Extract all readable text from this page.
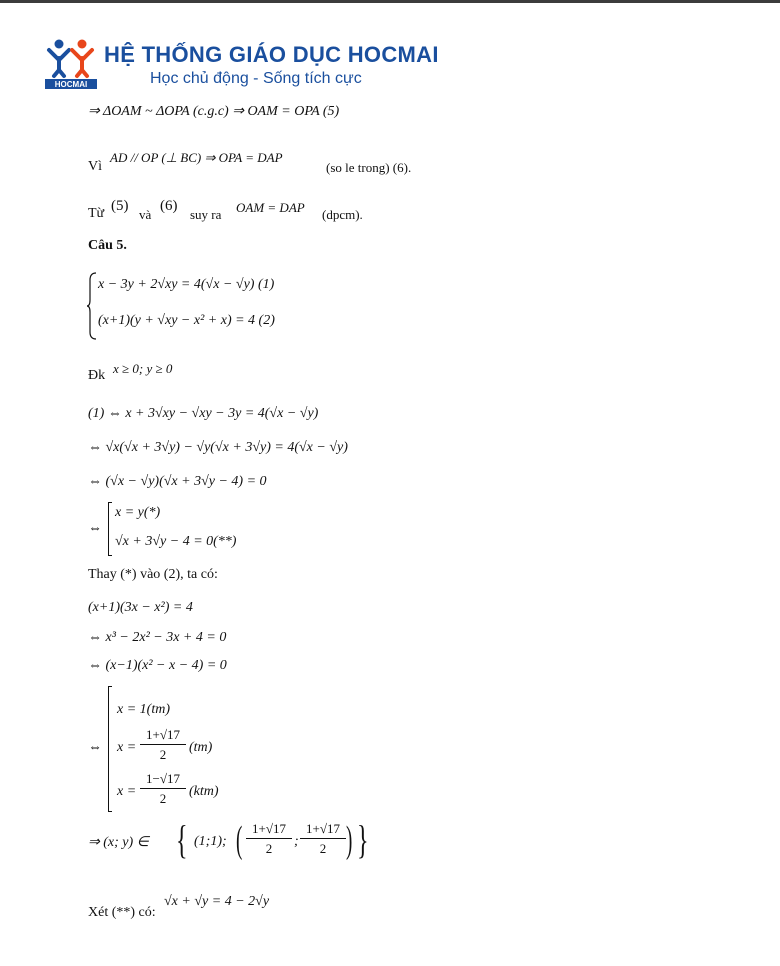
HOCMAI
HỆ THỐNG GIÁO DỤC HOCMAI
Học chủ động - Sống tích cực
⇒ ΔOAM ~ ΔOPA (c.g.c) ⇒ OAM = OPA (5)
Vì
AD // OP (⊥ BC) ⇒ OPA = DAP
(so le trong) (6).
Từ (5)
và
(6)
suy ra OAM = DAP (dpcm).
Câu 5.
x − 3y + 2√xy = 4(√x − √y) (1)
(x+1)(y + √xy − x² + x) = 4 (2)
Đk x ≥ 0; y ≥ 0
(1) ⇔ x + 3√xy − √xy − 3y = 4(√x − √y)
⇔ √x(√x + 3√y) − √y(√x + 3√y) = 4(√x − √y)
⇔ (√x − √y)(√x + 3√y − 4) = 0
⇔
x = y(*)
√x + 3√y − 4 = 0(**)
Thay (*) vào (2), ta có:
(x+1)(3x − x²) = 4
⇔ x³ − 2x² − 3x + 4 = 0
⇔ (x−1)(x² − x − 4) = 0
⇔
x = 1(tm)
x =
1+√17
2	(tm)
x =
1−√17
2	(ktm)
⇒ (x; y) ∈ { (1;1); ( 1+√17
2	;
1+√17
2 ) }
Xét (**) có:
√x + √y = 4 − 2√y
